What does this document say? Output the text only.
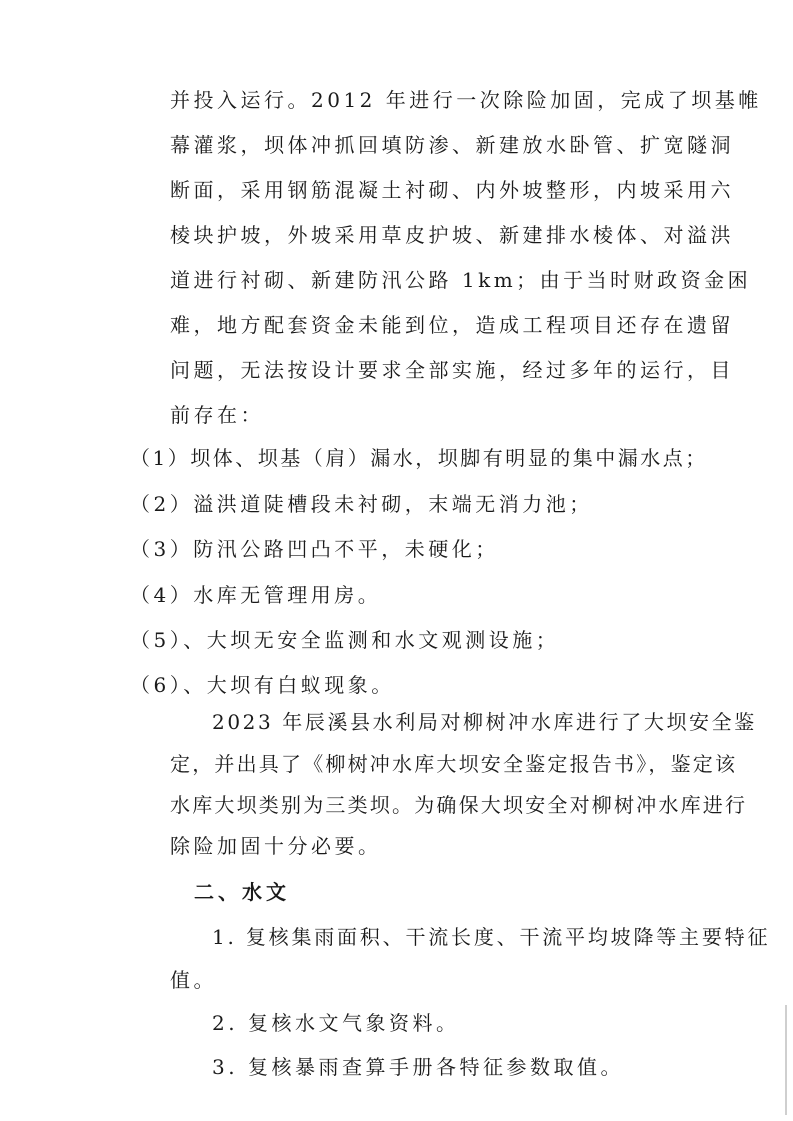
并投入运行。2012 年进行一次除险加固，完成了坝基帷
幕灌浆，坝体冲抓回填防渗、新建放水卧管、扩宽隧洞
断面，采用钢筋混凝土衬砌、内外坡整形，内坡采用六
棱块护坡，外坡采用草皮护坡、新建排水棱体、对溢洪
道进行衬砌、新建防汛公路 1km；由于当时财政资金困
难，地方配套资金未能到位，造成工程项目还存在遗留
问题，无法按设计要求全部实施，经过多年的运行，目
前存在：
（1）坝体、坝基（肩）漏水，坝脚有明显的集中漏水点；
（2）溢洪道陡槽段未衬砌，末端无消力池；
（3）防汛公路凹凸不平，未硬化；
（4）水库无管理用房。
（5）、大坝无安全监测和水文观测设施；
（6）、大坝有白蚁现象。
2023 年辰溪县水利局对柳树冲水库进行了大坝安全鉴
定，并出具了《柳树冲水库大坝安全鉴定报告书》，鉴定该
水库大坝类别为三类坝。为确保大坝安全对柳树冲水库进行
除险加固十分必要。
二、水文
1. 复核集雨面积、干流长度、干流平均坡降等主要特征
值。
2. 复核水文气象资料。
3. 复核暴雨查算手册各特征参数取值。
